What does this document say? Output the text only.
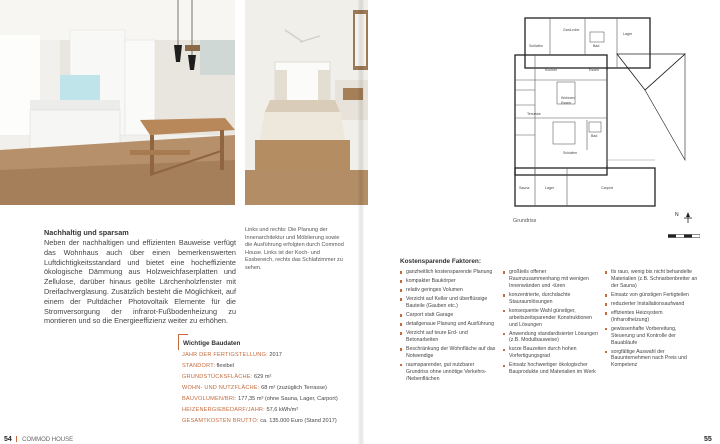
Nachhaltig und sparsam
Neben der nachhaltigen und effizienten Bauweise verfügt das Wohnhaus auch über einen bemerkenswerten Luftdichtigkeitsstandard und bietet eine hocheffiziente ökologische Dämmung aus Holzweichfaserplatten und Zellulose, darüber hinaus geölte Lärchenholzfenster mit Dreifachverglasung. Zusätzlich besteht die Möglichkeit, auf einem der Pultdächer Photovoltaik Elemente für die Stromversorgung der infrarot-Fußbodenheizung zu montieren und so die Energieeffizienz weiter zu erhöhen.
Links und rechts: Die Planung der Innenarchitektur und Möblierung sowie die Ausführung erfolgten durch Commod House. Links ist der Koch- und Essbereich, rechts das Schlafzimmer zu sehen.
Wichtige Baudaten
JAHR DER FERTIGSTELLUNG: 2017
STANDORT: flexibel
GRUNDSTÜCKSFLÄCHE: 629 m²
WOHN- UND NUTZFLÄCHE: 68 m² (zuzüglich Terrasse)
BAUVOLUMEN/BRI: 177,35 m³ (ohne Sauna, Lager, Carport)
HEIZENERGIEBEDARF/JAHR: 57,6 kWh/m²
GESAMTKOSTEN BRUTTO: ca. 135.000 Euro (Stand 2017)
54 COMMOD HOUSE
Schlafen
Gard-robe
Bad
Lager
Kochen	Essen
Wohnen/ Essen
Terrasse
Schlafen
Bad
Sauna	Lager	Carport
Grundriss
N
Kostensparende Faktoren:
ganzheitlich kostensparende Planung
kompakter Baukörper
relativ geringes Volumen
Verzicht auf Keller und überflüssige Bauteile (Gauben etc.)
Carport statt Garage
detailgenaue Planung und Ausführung
Verzicht auf teure Erd- und Betonarbeiten
Beschränkung der Wohnfläche auf das Notwendige
raumsparender, gut nutzbarer Grundriss ohne unnötige Verkehrs- /Nebenflächen
großteils offener Raumzusammenhang mit wenigen Innenwänden und -türen
konzentrierte, durchdachte Stauraumlösungen
konsequente Wahl günstiger, arbeitszeitsparender Konstruktionen und Lösungen
Anwendung standardisierter Lösungen (z.B. Modulbauweise)
kurze Bauzeiten durch hohen Vorfertigungsgrad
Einsatz hochwertiger ökologischer Bauprodukte und Materialien im Werk
tls rauo, wenig bis nicht behandelte Materialien (z.B. Schnarbenbretter an der Sauna)
Einsatz von günstigen Fertigteilen
reduzierter Installationsaufwand
effizientes Heizsystem (Infrarotheizung)
gewissenhafte Vorbereitung, Steuerung und Kontrolle der Bauabläufe
sorgfältige Auswahl der Bauunternehmen nach Preis und Kompetenz
55
